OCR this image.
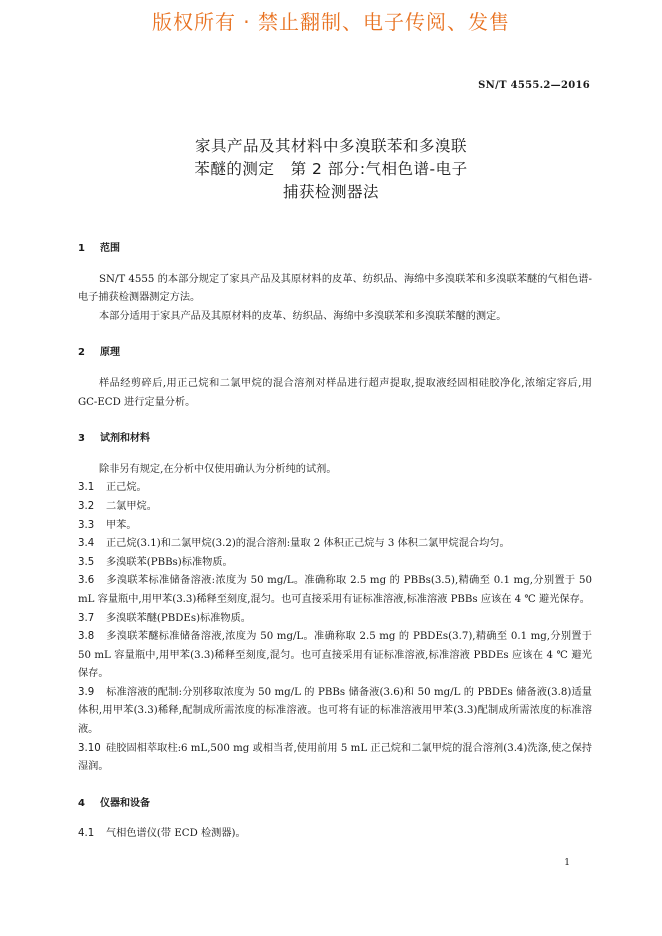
版权所有 · 禁止翻制、电子传阅、发售
SN/T 4555.2—2016
家具产品及其材料中多溴联苯和多溴联
苯醚的测定   第 2 部分:气相色谱-电子
捕获检测器法
1 范围
SN/T 4555 的本部分规定了家具产品及其原材料的皮革、纺织品、海绵中多溴联苯和多溴联苯醚的气相色谱-电子捕获检测器测定方法。
本部分适用于家具产品及其原材料的皮革、纺织品、海绵中多溴联苯和多溴联苯醚的测定。
2 原理
样品经剪碎后,用正己烷和二氯甲烷的混合溶剂对样品进行超声提取,提取液经固相硅胶净化,浓缩定容后,用 GC-ECD 进行定量分析。
3 试剂和材料
除非另有规定,在分析中仅使用确认为分析纯的试剂。
3.1 正己烷。
3.2 二氯甲烷。
3.3 甲苯。
3.4 正己烷(3.1)和二氯甲烷(3.2)的混合溶剂:量取 2 体积正己烷与 3 体积二氯甲烷混合均匀。
3.5 多溴联苯(PBBs)标准物质。
3.6 多溴联苯标准储备溶液:浓度为 50 mg/L。准确称取 2.5 mg 的 PBBs(3.5),精确至 0.1 mg,分别置于 50 mL 容量瓶中,用甲苯(3.3)稀释至刻度,混匀。也可直接采用有证标准溶液,标准溶液 PBBs 应该在 4 ℃ 避光保存。
3.7 多溴联苯醚(PBDEs)标准物质。
3.8 多溴联苯醚标准储备溶液,浓度为 50 mg/L。准确称取 2.5 mg 的 PBDEs(3.7),精确至 0.1 mg,分别置于 50 mL 容量瓶中,用甲苯(3.3)稀释至刻度,混匀。也可直接采用有证标准溶液,标准溶液 PBDEs 应该在 4 ℃ 避光保存。
3.9 标准溶液的配制:分别移取浓度为 50 mg/L 的 PBBs 储备液(3.6)和 50 mg/L 的 PBDEs 储备液(3.8)适量体积,用甲苯(3.3)稀释,配制成所需浓度的标准溶液。也可将有证的标准溶液用甲苯(3.3)配制成所需浓度的标准溶液。
3.10 硅胶固相萃取柱:6 mL,500 mg 或相当者,使用前用 5 mL 正己烷和二氯甲烷的混合溶剂(3.4)洗涤,使之保持湿润。
4 仪器和设备
4.1 气相色谱仪(带 ECD 检测器)。
1
